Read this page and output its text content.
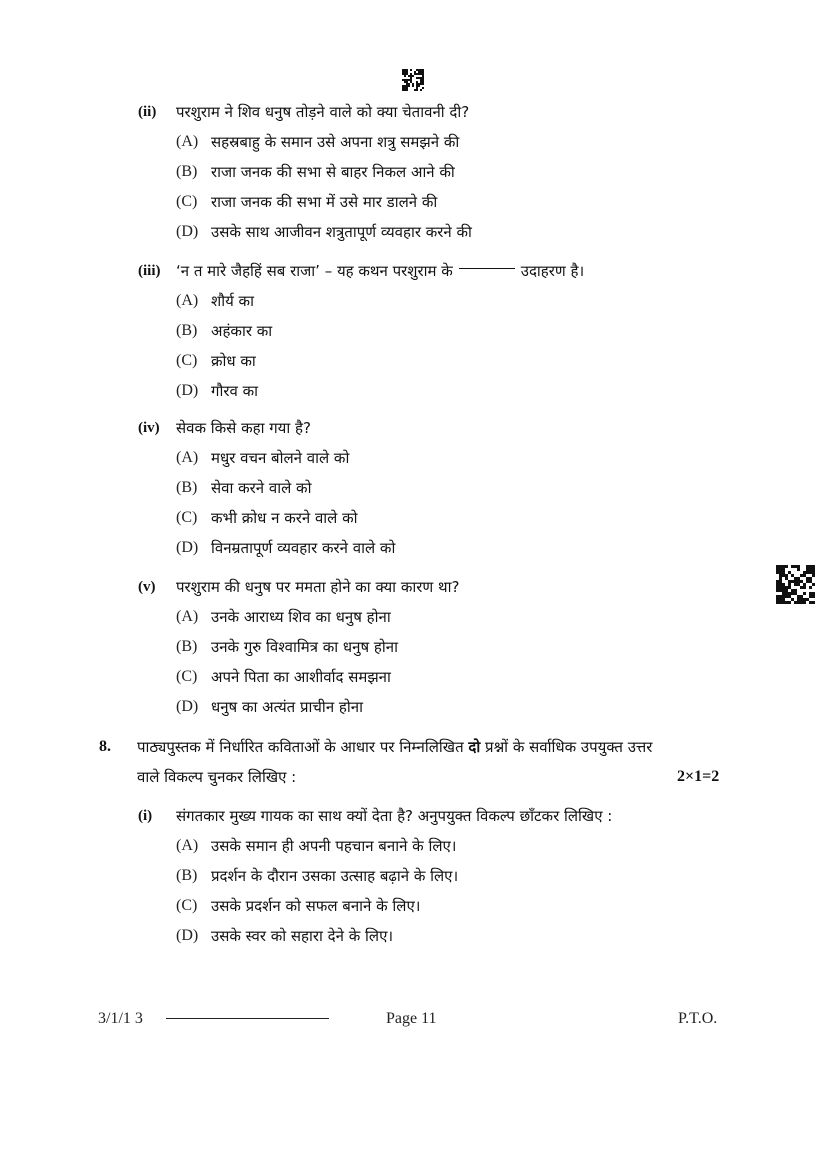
(ii) परशुराम ने शिव धनुष तोड़ने वाले को क्या चेतावनी दी?
(A) सहस्रबाहु के समान उसे अपना शत्रु समझने की
(B) राजा जनक की सभा से बाहर निकल आने की
(C) राजा जनक की सभा में उसे मार डालने की
(D) उसके साथ आजीवन शत्रुतापूर्ण व्यवहार करने की
(iii) ‘न त मारे जैहहिं सब राजा’ – यह कथन परशुराम के	उदाहरण है।
(A) शौर्य का
(B) अहंकार का
(C) क्रोध का
(D) गौरव का
(iv) सेवक किसे कहा गया है?
(A) मधुर वचन बोलने वाले को
(B) सेवा करने वाले को
(C) कभी क्रोध न करने वाले को
(D) विनम्रतापूर्ण व्यवहार करने वाले को
(v) परशुराम की धनुष पर ममता होने का क्या कारण था?
(A) उनके आराध्य शिव का धनुष होना
(B) उनके गुरु विश्वामित्र का धनुष होना
(C) अपने पिता का आशीर्वाद समझना
(D) धनुष का अत्यंत प्राचीन होना
8. पाठ्यपुस्तक में निर्धारित कविताओं के आधार पर निम्नलिखित दो प्रश्नों के सर्वाधिक उपयुक्त उत्तर
वाले विकल्प चुनकर लिखिए :	2×1=2
(i) संगतकार मुख्य गायक का साथ क्यों देता है? अनुपयुक्त विकल्प छाँटकर लिखिए :
(A) उसके समान ही अपनी पहचान बनाने के लिए।
(B) प्रदर्शन के दौरान उसका उत्साह बढ़ाने के लिए।
(C) उसके प्रदर्शन को सफल बनाने के लिए।
(D) उसके स्वर को सहारा देने के लिए।
3/1/1 3	Page 11	P.T.O.
